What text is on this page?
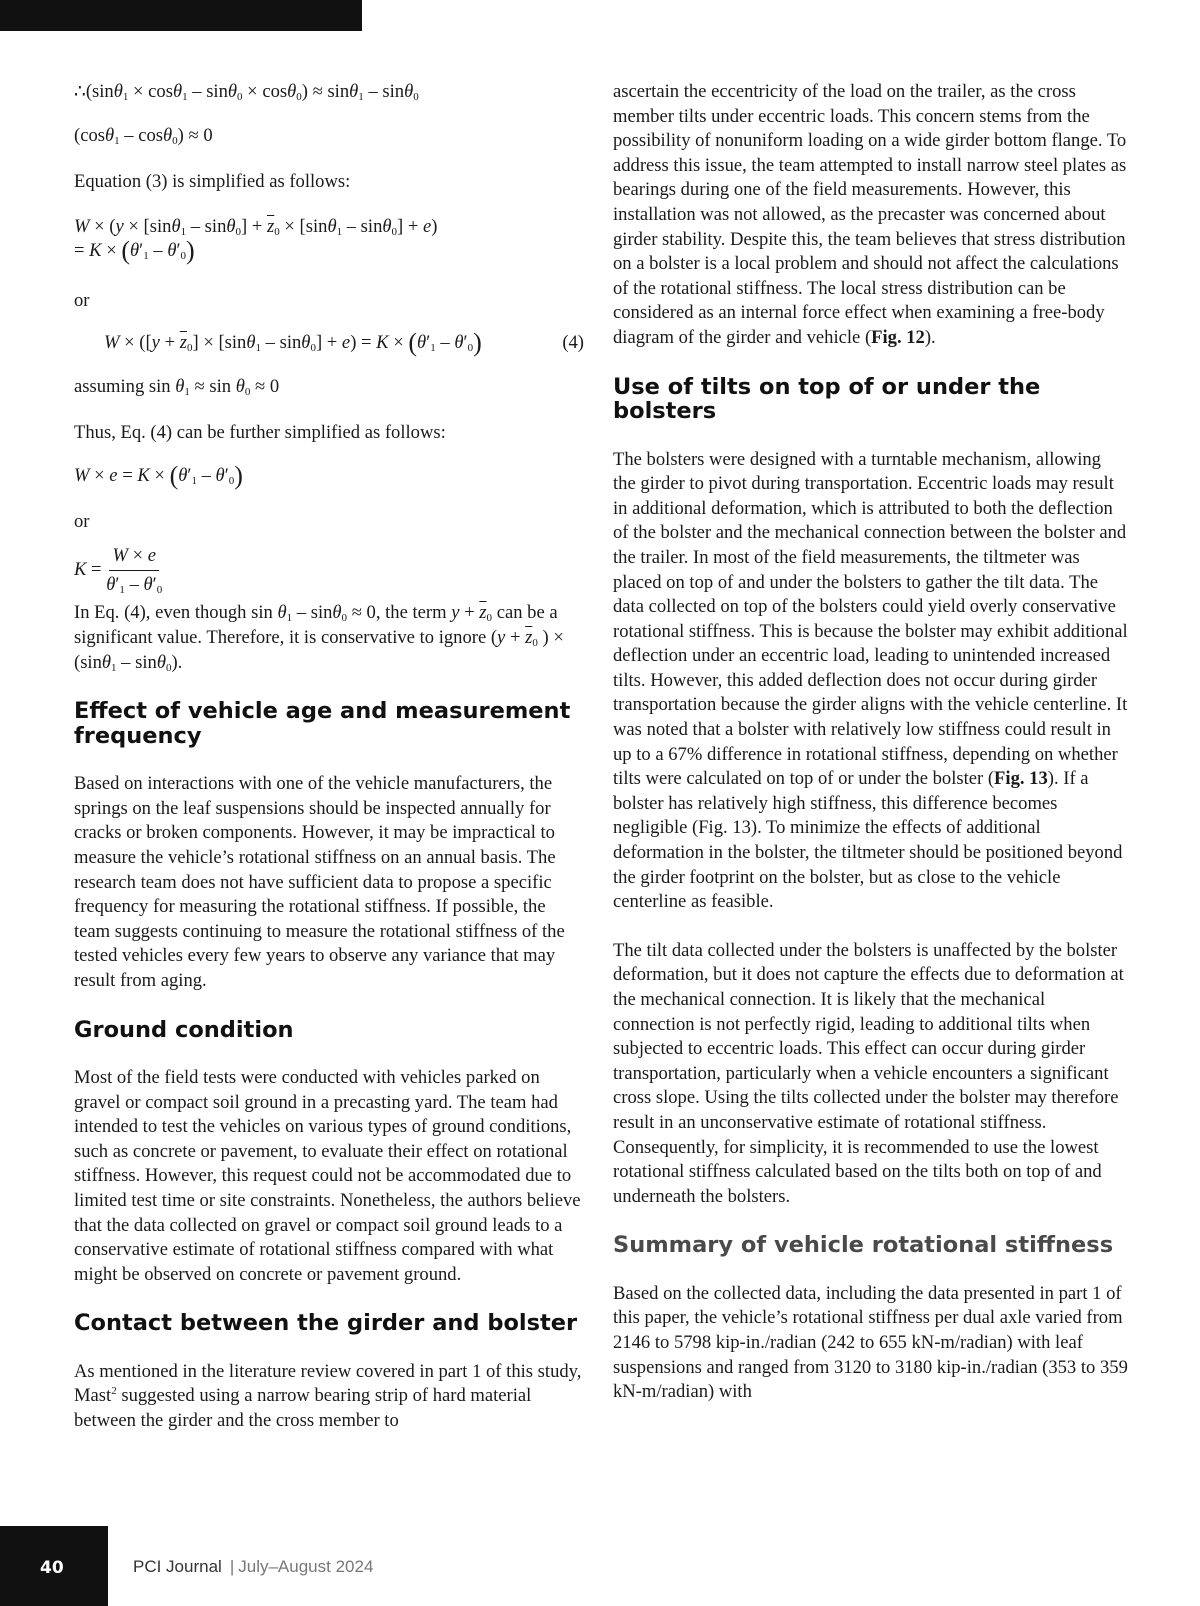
∴(sinθ$_1$ × cosθ$_1$ – sinθ$_0$ × cosθ$_0$) ≈ sinθ$_1$ – sinθ$_0$
(cosθ$_1$ – cosθ$_0$) ≈ 0

Equation (3) is simplified as follows:

$W \times (y \times [\sin\theta_1 - \sin\theta_0] + \overline{z}_0 \times [\sin\theta_1 - \sin\theta_0] + e)$
= $K \times (\theta'_1 - \theta'_0)$

or

$W \times ([y + \overline{z}_0] \times [\sin\theta_1 - \sin\theta_0] + e) = K \times (\theta'_1 - \theta'_0)$	(4)
assuming $\sin \theta_1 \approx \sin \theta_0 \approx 0$

Thus, Eq. (4) can be further simplified as follows:

$W \times e = K \times (\theta'_1 - \theta'_0)$

or

$K = \frac{W \times e}{\theta'_1 - \theta'_0}$

In Eq. (4), even though $\sin \theta_1 - \sin\theta_0 \approx 0$, the term $y + \overline{z}_0$ can be a significant value. Therefore, it is conservative to ignore ($y + \overline{z}_0$ ) × (sinθ$_1$ – sinθ$_0$).

Effect of vehicle age and measurement frequency

Based on interactions with one of the vehicle manufacturers, the springs on the leaf suspensions should be inspected annually for cracks or broken components. However, it may be impractical to measure the vehicle’s rotational stiffness on an annual basis. The research team does not have sufficient data to propose a specific frequency for measuring the rotational stiffness. If possible, the team suggests continuing to measure the rotational stiffness of the tested vehicles every few years to observe any variance that may result from aging.

Ground condition

Most of the field tests were conducted with vehicles parked on gravel or compact soil ground in a precasting yard. The team had intended to test the vehicles on various types of ground conditions, such as concrete or pavement, to evaluate their effect on rotational stiffness. However, this request could not be accommodated due to limited test time or site constraints. Nonetheless, the authors believe that the data collected on gravel or compact soil ground leads to a conservative estimate of rotational stiffness compared with what might be observed on concrete or pavement ground.

Contact between the girder and bolster

As mentioned in the literature review covered in part 1 of this study, Mast$^2$ suggested using a narrow bearing strip of hard material between the girder and the cross member to

ascertain the eccentricity of the load on the trailer, as the cross member tilts under eccentric loads. This concern stems from the possibility of nonuniform loading on a wide girder bottom flange. To address this issue, the team attempted to install narrow steel plates as bearings during one of the field measurements. However, this installation was not allowed, as the precaster was concerned about girder stability. Despite this, the team believes that stress distribution on a bolster is a local problem and should not affect the calculations of the rotational stiffness. The local stress distribution can be considered as an internal force effect when examining a free-body diagram of the girder and vehicle (Fig. 12).

Use of tilts on top of or under the bolsters

The bolsters were designed with a turntable mechanism, allowing the girder to pivot during transportation. Eccentric loads may result in additional deformation, which is attributed to both the deflection of the bolster and the mechanical connection between the bolster and the trailer. In most of the field measurements, the tiltmeter was placed on top of and under the bolsters to gather the tilt data. The data collected on top of the bolsters could yield overly conservative rotational stiffness. This is because the bolster may exhibit additional deflection under an eccentric load, leading to unintended increased tilts. However, this added deflection does not occur during girder transportation because the girder aligns with the vehicle centerline. It was noted that a bolster with relatively low stiffness could result in up to a 67% difference in rotational stiffness, depending on whether tilts were calculated on top of or under the bolster (Fig. 13). If a bolster has relatively high stiffness, this difference becomes negligible (Fig. 13). To minimize the effects of additional deformation in the bolster, the tiltmeter should be positioned beyond the girder footprint on the bolster, but as close to the vehicle centerline as feasible.

The tilt data collected under the bolsters is unaffected by the bolster deformation, but it does not capture the effects due to deformation at the mechanical connection. It is likely that the mechanical connection is not perfectly rigid, leading to additional tilts when subjected to eccentric loads. This effect can occur during girder transportation, particularly when a vehicle encounters a significant cross slope. Using the tilts collected under the bolster may therefore result in an unconservative estimate of rotational stiffness. Consequently, for simplicity, it is recommended to use the lowest rotational stiffness calculated based on the tilts both on top of and underneath the bolsters.

Summary of vehicle rotational stiffness

Based on the collected data, including the data presented in part 1 of this paper, the vehicle’s rotational stiffness per dual axle varied from 2146 to 5798 kip-in./radian (242 to 655 kN-m/radian) with leaf suspensions and ranged from 3120 to 3180 kip-in./radian (353 to 359 kN-m/radian) with

40	PCI Journal | July–August 2024
